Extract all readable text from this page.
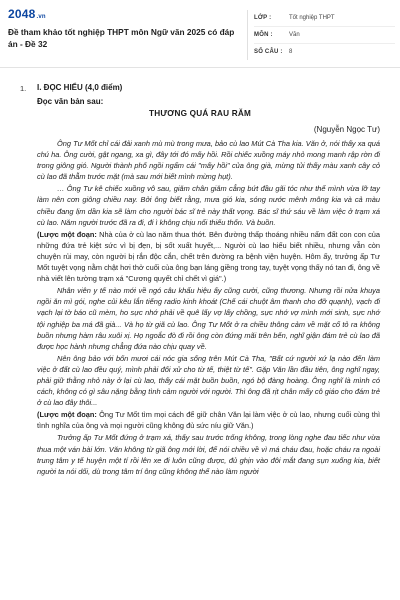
2048.vn
Đề tham khảo tốt nghiệp THPT môn Ngữ văn 2025 có đáp án - Đề 32
LỚP :	Tốt nghiệp THPT
MÔN :	Văn
SỐ CÂU :	8
1. I. ĐỌC HIỂU (4,0 điểm)
Đọc văn bản sau:
THƯƠNG QUÁ RAU RĂM
(Nguyễn Ngọc Tư)

Ông Tư Mốt chỉ cái đải xanh mù mù trong mưa, bảo cù lao Mút Cà Tha kia. Văn ở, nói thấy xa quá chú ha. Ông cười, gật ngang, xa gì, đây tới đó mấy hồi. Rồi chiếc xuồng máy nhỏ mong manh rập rờn đi trong giông gió. Người thành phố ngồi ngẩm cái "mấy hồi" của ông già, mừng tủi thấy màu xanh cây cỏ cù lao đã thẫm trước mặt (mà sau mới biết mình mừng hụt).

… Ông Tư kê chiếc xuồng vô sau, giăm chân giăm cẳng bứt đầu gãi tóc như thể mình vừa lỡ tay làm nên cơn giông chiều nay. Bởi ông biết rằng, mưa gió kia, sóng nước mênh mông kia và cả màu chiều đang lịm dần kia sẽ làm cho người bác sĩ trẻ này thất vọng. Bác sĩ thứ sáu về làm việc ở trạm xá cù lao. Năm người trước đã ra đi, đi ì không chịu nổi thiếu thốn. Và buồn.

(Lược một đoạn: Nhà của ở cù lao năm thua thớt. Bên đường thấp thoáng nhiều nấm đất con con của những đứa trẻ kiệt sức vì bị đẹn, bị sốt xuất huyết,... Người cù lao hiếu biết nhiều, nhưng vẫn còn chuyện rủi may, còn người bị rắn độc cắn, chết trên đường ra bệnh viện huyện. Hôm ấy, trưởng ấp Tư Mốt tuyệt vọng nằm chật hơi thở cuối của ông bạn láng giềng trong tay, tuyệt vọng thấy nó tan đi, ông về nhà viết lên tường trạm xá "Cương quyết chỉ chết vì giá".)

Nhân viên y tế nào mới về ngó câu khẩu hiệu ấy cũng cười, cũng thương. Nhưng rồi nửa khuya ngồi ăn mì gói, nghe củi kêu lắn tiếng radio kinh khoát (Chế cái chuột âm thanh cho đỡ quạnh), vạch đi vạch lại tờ báo cũ mèm, ho sực nhớ phải về quê lấy vợ lấy chồng, sực nhớ vợ mình mới sinh, sực nhớ tội nghiệp ba má đã già... Và họ từ giã cù lao. Ông Tư Mốt ở ra chiều thông cảm về mặt cổ tỏ ra không buồn nhưng hàm râu xuôi xị. Họ ngoắc đò đi rồi ông còn đứng mãi trên bến, nghĩ giận đám trẻ cù lao đã được học hành nhưng chẳng đứa nào chịu quay về.

Nên ông bảo với bốn mươi cái nóc gia sống trên Mút Cà Tha, "Bất cứ người xứ lạ nào đến làm việc ở đất cù lao đều quý, mình phải đối xử cho từ tế, thiệt từ tế". Gặp Văn lần đầu tiên, ông nghĩ ngay, phải giữ thằng nhỏ này ở lại cù lao, thấy cái mặt buồn buồn, ngó bộ đàng hoàng. Ông nghĩ là mình có cách, không có gì sâu nặng bằng tình cảm người với người. Thì ông đã rịt chân mấy cô giáo cho đám trẻ ở cù lao đây thôi...

(Lược một đoạn: Ông Tư Mốt tìm mọi cách để giữ chân Văn lại làm việc ở cù lao, nhưng cuối cùng thì tình nghĩa của ông và mọi người cũng không đủ sức níu giữ Văn.)

Trưởng ấp Tư Mốt đứng ở trạm xá, thấy sau trước trống không, trong lòng nghe đau tiếc như vừa thua một ván bài lớn. Văn không từ giã ông mới lời, để nói chiều về vì má cháu đau, hoặc cháu ra ngoài trung tâm y tế huyện một tí rồi lên xe đi luôn cũng được, đủ ghịn vào đôi mắt đang sụn xuống kia, biết người ta nói dối, dù trong tâm trí ông cũng không thể nào làm người
